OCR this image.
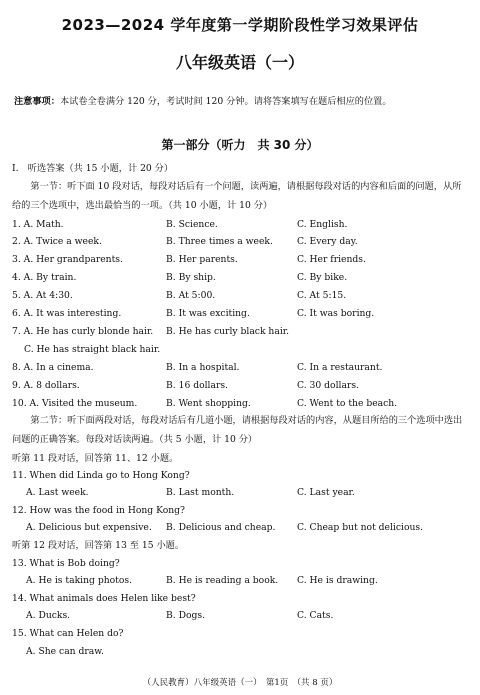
2023—2024 学年度第一学期阶段性学习效果评估
八年级英语（一）
注意事项：本试卷全卷满分 120 分，考试时间 120 分钟。请将答案填写在题后相应的位置。
第一部分（听力　共 30 分）
I.　听选答案（共 15 小题，计 20 分）
第一节：听下面 10 段对话，每段对话后有一个问题，读两遍，请根据每段对话的内容和后面的问题，从所给的三个选项中，选出最恰当的一项。（共 10 小题，计 10 分）
1. A. Math.	B. Science.	C. English.
2. A. Twice a week.	B. Three times a week.	C. Every day.
3. A. Her grandparents.	B. Her parents.	C. Her friends.
4. A. By train.	B. By ship.	C. By bike.
5. A. At 4:30.	B. At 5:00.	C. At 5:15.
6. A. It was interesting.	B. It was exciting.	C. It was boring.
7. A. He has curly blonde hair. B. He has curly black hair.
C. He has straight black hair.
8. A. In a cinema.	B. In a hospital.	C. In a restaurant.
9. A. 8 dollars.	B. 16 dollars.	C. 30 dollars.
10. A. Visited the museum.	B. Went shopping.	C. Went to the beach.
第二节：听下面两段对话，每段对话后有几道小题，请根据每段对话的内容，从题目所给的三个选项中选出问题的正确答案。每段对话读两遍。（共 5 小题，计 10 分）
听第 11 段对话，回答第 11、12 小题。
11. When did Linda go to Hong Kong?
A. Last week.	B. Last month.	C. Last year.
12. How was the food in Hong Kong?
A. Delicious but expensive. B. Delicious and cheap. C. Cheap but not delicious.
听第 12 段对话，回答第 13 至 15 小题。
13. What is Bob doing?
A. He is taking photos.	B. He is reading a book. C. He is drawing.
14. What animals does Helen like best?
A. Ducks.	B. Dogs.	C. Cats.
15. What can Helen do?
A. She can draw.
（人民教育）八年级英语（一）　第1页　（共 8 页）
